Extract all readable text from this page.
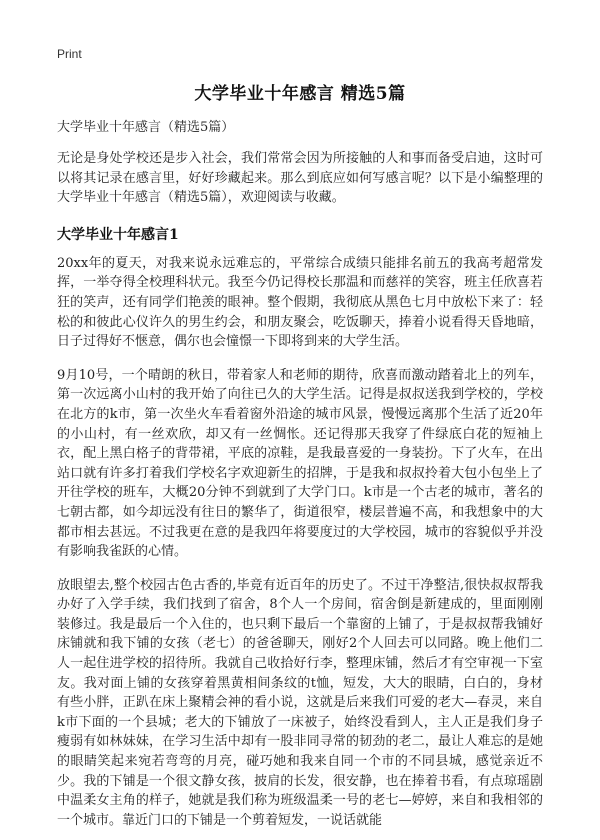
Print
大学毕业十年感言 精选5篇
大学毕业十年感言（精选5篇）

无论是身处学校还是步入社会，我们常常会因为所接触的人和事而备受启迪，这时可以将其记录在感言里，好好珍藏起来。那么到底应如何写感言呢？以下是小编整理的大学毕业十年感言（精选5篇），欢迎阅读与收藏。

大学毕业十年感言1

20xx年的夏天，对我来说永远难忘的，平常综合成绩只能排名前五的我高考超常发挥，一举夺得全校理科状元。我至今仍记得校长那温和而慈祥的笑容，班主任欣喜若狂的笑声，还有同学们艳羡的眼神。整个假期，我彻底从黑色七月中放松下来了：轻松的和彼此心仪许久的男生约会，和朋友聚会，吃饭聊天，捧着小说看得天昏地暗，日子过得好不惬意，偶尔也会憧憬一下即将到来的大学生活。

9月10号，一个晴朗的秋日，带着家人和老师的期待，欣喜而激动踏着北上的列车，第一次远离小山村的我开始了向往已久的大学生活。记得是叔叔送我到学校的，学校在北方的k市，第一次坐火车看着窗外沿途的城市风景，慢慢远离那个生活了近20年的小山村，有一丝欢欣，却又有一丝惆怅。还记得那天我穿了件绿底白花的短袖上衣，配上黑白格子的背带裙，平底的凉鞋，是我最喜爱的一身装扮。下了火车，在出站口就有许多打着我们学校名字欢迎新生的招牌，于是我和叔叔拎着大包小包坐上了开往学校的班车，大概20分钟不到就到了大学门口。k市是一个古老的城市，著名的七朝古都，如今却远没有往日的繁华了，街道很窄，楼层普遍不高，和我想象中的大都市相去甚远。不过我更在意的是我四年将要度过的大学校园，城市的容貌似乎并没有影响我雀跃的心情。

放眼望去,整个校园古色古香的,毕竟有近百年的历史了。不过干净整洁,很快叔叔帮我办好了入学手续，我们找到了宿舍，8个人一个房间，宿舍倒是新建成的，里面刚刚装修过。我是最后一个入住的，也只剩下最后一个靠窗的上铺了，于是叔叔帮我铺好床铺就和我下铺的女孩（老七）的爸爸聊天，刚好2个人回去可以同路。晚上他们二人一起住进学校的招待所。我就自己收拾好行李，整理床铺，然后才有空审视一下室友。我对面上铺的女孩穿着黑黄相间条纹的t恤，短发，大大的眼睛，白白的，身材有些小胖，正趴在床上聚精会神的看小说，这就是后来我们可爱的老大—春灵，来自k市下面的一个县城；老大的下铺放了一床被子，始终没看到人，主人正是我们身子瘦弱有如林妹妹，在学习生活中却有一股非同寻常的韧劲的老二，最让人难忘的是她的眼睛笑起来宛若弯弯的月亮，碰巧她和我来自同一个市的不同县城，感觉亲近不少。我的下铺是一个很文静女孩，披肩的长发，很安静，也在捧着书看，有点琼瑶剧中温柔女主角的样子，她就是我们称为班级温柔一号的老七—婷婷，来自和我相邻的一个城市。靠近门口的下铺是一个剪着短发，一说话就能
